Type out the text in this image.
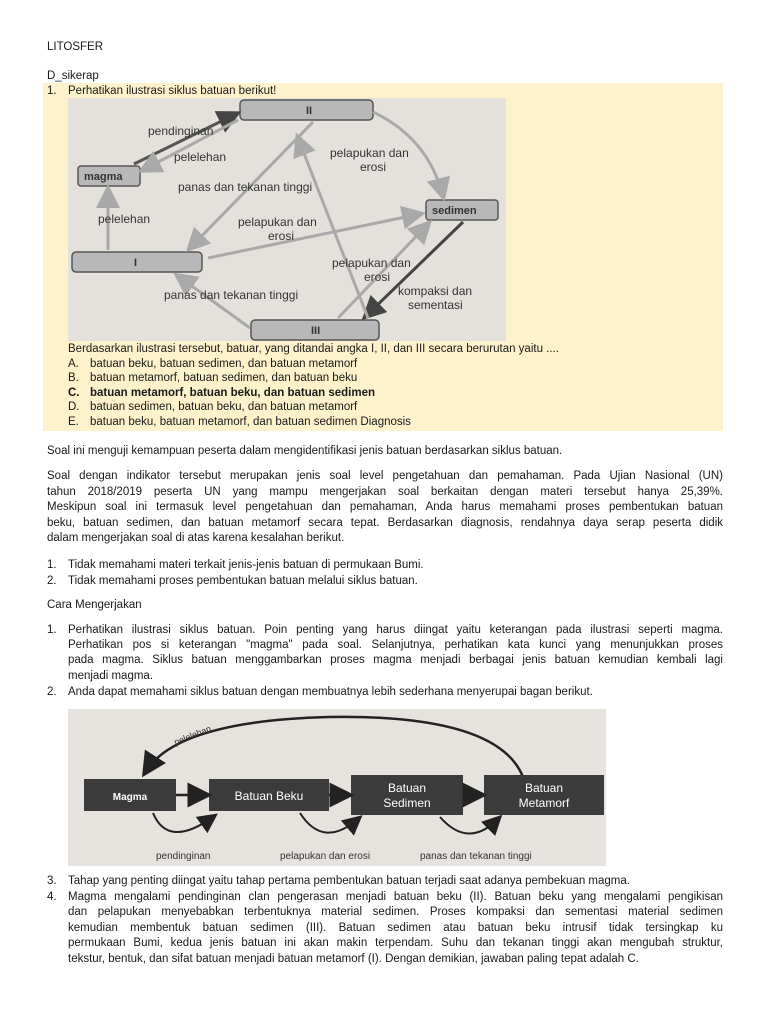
LITOSFER
D_sikerap
1. Perhatikan ilustrasi siklus batuan berikut!
II
magma
sedimen
I
III
pendinginan
pelelehan	pelapukan dan
erosi
panas dan tekanan tinggi
pelelehan	pelapukan dan
erosi
pelapukan dan
erosi
kompaksi dan
sementasi
panas dan tekanan tinggi
Berdasarkan ilustrasi tersebut, batuar, yang ditandai angka I, II, dan III secara berurutan yaitu ....
A. batuan beku, batuan sedimen, dan batuan metamorf
B. batuan metamorf, batuan sedimen, dan batuan beku
C. batuan metamorf, batuan beku, dan batuan sedimen
D. batuan sedimen, batuan beku, dan batuan metamorf
E. batuan beku, batuan metamorf, dan batuan sedimen Diagnosis
Soal ini menguji kemampuan peserta dalam mengidentifikasi jenis batuan berdasarkan siklus batuan.
Soal dengan indikator tersebut merupakan jenis soal level pengetahuan dan pemahaman. Pada Ujian Nasional (UN)
tahun 2018/2019 peserta UN yang mampu mengerjakan soal berkaitan dengan materi tersebut hanya 25,39%.
Meskipun soal ini termasuk level pengetahuan dan pemahaman, Anda harus memahami proses pembentukan batuan
beku, batuan sedimen, dan batuan metamorf secara tepat. Berdasarkan diagnosis, rendahnya daya serap peserta didik
dalam mengerjakan soal di atas karena kesalahan berikut.
1. Tidak memahami materi terkait jenis-jenis batuan di permukaan Bumi.
2. Tidak memahami proses pembentukan batuan melalui siklus batuan.
Cara Mengerjakan
1. Perhatikan ilustrasi siklus batuan. Poin penting yang harus diingat yaitu keterangan pada ilustrasi seperti magma.
Perhatikan pos si keterangan "magma" pada soal. Selanjutnya, perhatikan kata kunci yang menunjukkan proses
pada magma. Siklus batuan menggambarkan proses magma menjadi berbagai jenis batuan kemudian kembali lagi
menjadi magma.
2. Anda dapat memahami siklus batuan dengan membuatnya lebih sederhana menyerupai bagan berikut.
pelelehan
Magma	Batuan Beku
Batuan
Sedimen
Batuan
Metamorf
pendinginan	pelapukan dan erosi	panas dan tekanan tinggi
3. Tahap yang penting diingat yaitu tahap pertama pembentukan batuan terjadi saat adanya pembekuan magma.
4. Magma mengalami pendinginan clan pengerasan menjadi batuan beku (II). Batuan beku yang mengalami pengikisan
dan pelapukan menyebabkan terbentuknya material sedimen. Proses kompaksi dan sementasi material sedimen
kemudian membentuk batuan sedimen (III). Batuan sedimen atau batuan beku intrusif tidak tersingkap ku
permukaan Bumi, kedua jenis batuan ini akan makin terpendam. Suhu dan tekanan tinggi akan mengubah struktur,
tekstur, bentuk, dan sifat batuan menjadi batuan metamorf (I). Dengan demikian, jawaban paling tepat adalah C.
